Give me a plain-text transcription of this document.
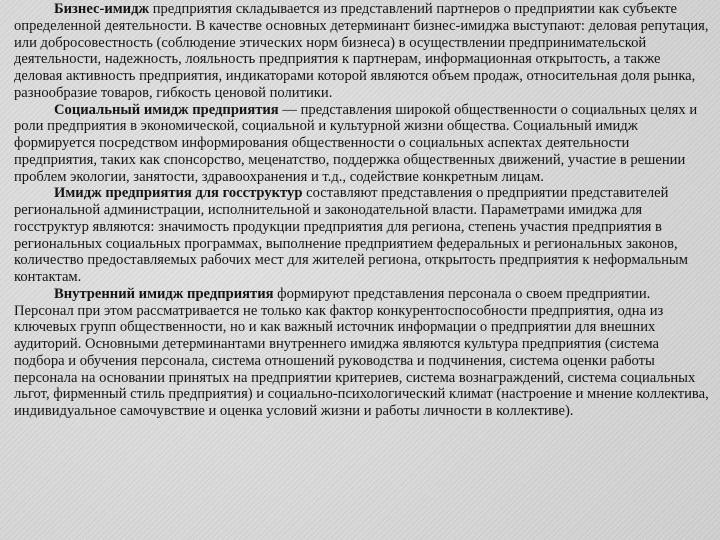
Бизнес-имидж предприятия складывается из представлений партнеров о предприятии как субъекте определенной деятельности. В качестве основных детерминант бизнес-имиджа выступают: деловая репутация, или добросовестность (соблюдение этических норм бизнеса) в осуществлении предпринимательской деятельности, надежность, лояльность предприятия к партнерам, информационная открытость, а также деловая активность предприятия, индикаторами которой являются объем продаж, относительная доля рынка, разнообразие товаров, гибкость ценовой политики.

Социальный имидж предприятия — представления широкой общественности о социальных целях и роли предприятия в экономической, социальной и культурной жизни общества. Социальный имидж формируется посредством информирования общественности о социальных аспектах деятельности предприятия, таких как спонсорство, меценатство, поддержка общественных движений, участие в решении проблем экологии, занятости, здравоохранения и т.д., содействие конкретным лицам.

Имидж предприятия для госструктур составляют представления о предприятии представителей региональной администрации, исполнительной и законодательной власти. Параметрами имиджа для госструктур являются: значимость продукции предприятия для региона, степень участия предприятия в региональных социальных программах, выполнение предприятием федеральных и региональных законов, количество предоставляемых рабочих мест для жителей региона, открытость предприятия к неформальным контактам.

Внутренний имидж предприятия формируют представления персонала о своем предприятии. Персонал при этом рассматривается не только как фактор конкурентоспособности предприятия, одна из ключевых групп общественности, но и как важный источник информации о предприятии для внешних аудиторий. Основными детерминантами внутреннего имиджа являются культура предприятия (система подбора и обучения персонала, система отношений руководства и подчинения, система оценки работы персонала на основании принятых на предприятии критериев, система вознаграждений, система социальных льгот, фирменный стиль предприятия) и социально-психологический климат (настроение и мнение коллектива, индивидуальное самочувствие и оценка условий жизни и работы личности в коллективе).
